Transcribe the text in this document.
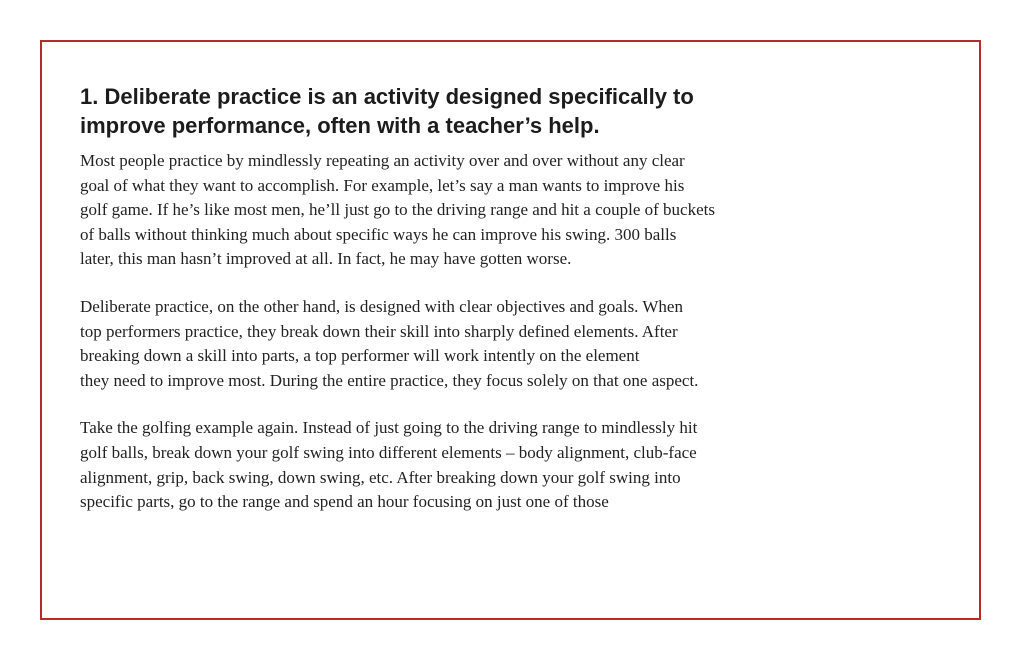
1. Deliberate practice is an activity designed specifically to
improve performance, often with a teacher’s help.

Most people practice by mindlessly repeating an activity over and over without any clear
goal of what they want to accomplish. For example, let’s say a man wants to improve his
golf game. If he’s like most men, he’ll just go to the driving range and hit a couple of buckets
of balls without thinking much about specific ways he can improve his swing. 300 balls
later, this man hasn’t improved at all. In fact, he may have gotten worse.

Deliberate practice, on the other hand, is designed with clear objectives and goals. When
top performers practice, they break down their skill into sharply defined elements. After
breaking down a skill into parts, a top performer will work intently on the element
they need to improve most. During the entire practice, they focus solely on that one aspect.

Take the golfing example again. Instead of just going to the driving range to mindlessly hit
golf balls, break down your golf swing into different elements – body alignment, club-face
alignment, grip, back swing, down swing, etc. After breaking down your golf swing into
specific parts, go to the range and spend an hour focusing on just one of those
